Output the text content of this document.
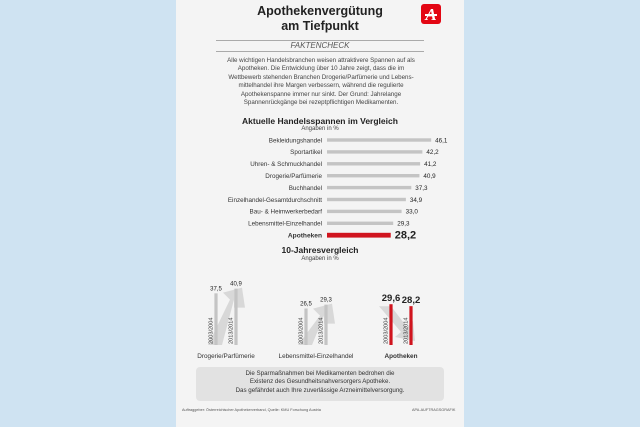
Apothekenvergütung
am Tiefpunkt
FAKTENCHECK
Alle wichtigen Handelsbranchen weisen attraktivere Spannen auf als
Apotheken. Die Entwicklung über 10 Jahre zeigt, dass die im
Wettbewerb stehenden Branchen Drogerie/Parfümerie und Lebens-
mittelhandel ihre Margen verbessern, während die regulierte
Apothekenspanne immer nur sinkt. Der Grund: Jahrelange
Spannenrückgänge bei rezeptpflichtigen Medikamenten.
Aktuelle Handelsspannen im Vergleich
Angaben in %
Bekleidungshandel	46,1
Sportartikel	42,2
Uhren- & Schmuckhandel	41,2
Drogerie/Parfümerie	40,9
Buchhandel	37,3
Einzelhandel-Gesamtdurchschnitt	34,9
Bau- & Heimwerkerbedarf	33,0
Lebensmittel-Einzelhandel	29,3
Apotheken	28,2
10-Jahresvergleich
Angaben in %
37,5
2003/2004
40,9
2013/2014
Drogerie/Parfümerie
26,5
2003/2004
29,3
2013/2014
Lebensmittel-Einzelhandel
29,6
2003/2004
28,2
2013/2014
Apotheken
Die Sparmaßnahmen bei Medikamenten bedrohen die
Existenz des Gesundheitsnahversorgers Apotheke.
Das gefährdet auch Ihre zuverlässige Arzneimittelversorgung.
Auftraggeber: Österreichischer Apothekerverband, Quelle: KMU Forschung Austria	APA-AUFTRAGSGRAFIK
